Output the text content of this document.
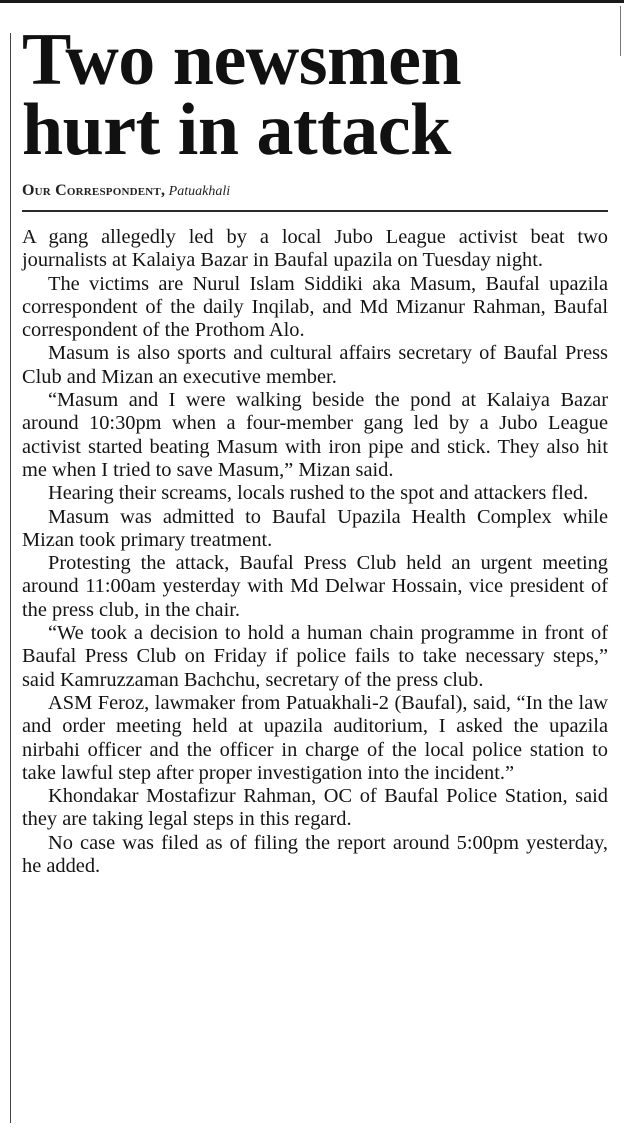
Two newsmen hurt in attack
Our Correspondent, Patuakhali

A gang allegedly led by a local Jubo League activist beat two journalists at Kalaiya Bazar in Baufal upazila on Tuesday night.

The victims are Nurul Islam Siddiki aka Masum, Baufal upazila correspondent of the daily Inqilab, and Md Mizanur Rahman, Baufal correspondent of the Prothom Alo.

Masum is also sports and cultural affairs secretary of Baufal Press Club and Mizan an executive member.

“Masum and I were walking beside the pond at Kalaiya Bazar around 10:30pm when a four-member gang led by a Jubo League activist started beating Masum with iron pipe and stick. They also hit me when I tried to save Masum,” Mizan said.

Hearing their screams, locals rushed to the spot and attackers fled.

Masum was admitted to Baufal Upazila Health Complex while Mizan took primary treatment.

Protesting the attack, Baufal Press Club held an urgent meeting around 11:00am yesterday with Md Delwar Hossain, vice president of the press club, in the chair.

“We took a decision to hold a human chain programme in front of Baufal Press Club on Friday if police fails to take necessary steps,” said Kamruzzaman Bachchu, secretary of the press club.

ASM Feroz, lawmaker from Patuakhali-2 (Baufal), said, “In the law and order meeting held at upazila auditorium, I asked the upazila nirbahi officer and the officer in charge of the local police station to take lawful step after proper investigation into the incident.”

Khondakar Mostafizur Rahman, OC of Baufal Police Station, said they are taking legal steps in this regard.

No case was filed as of filing the report around 5:00pm yesterday, he added.
